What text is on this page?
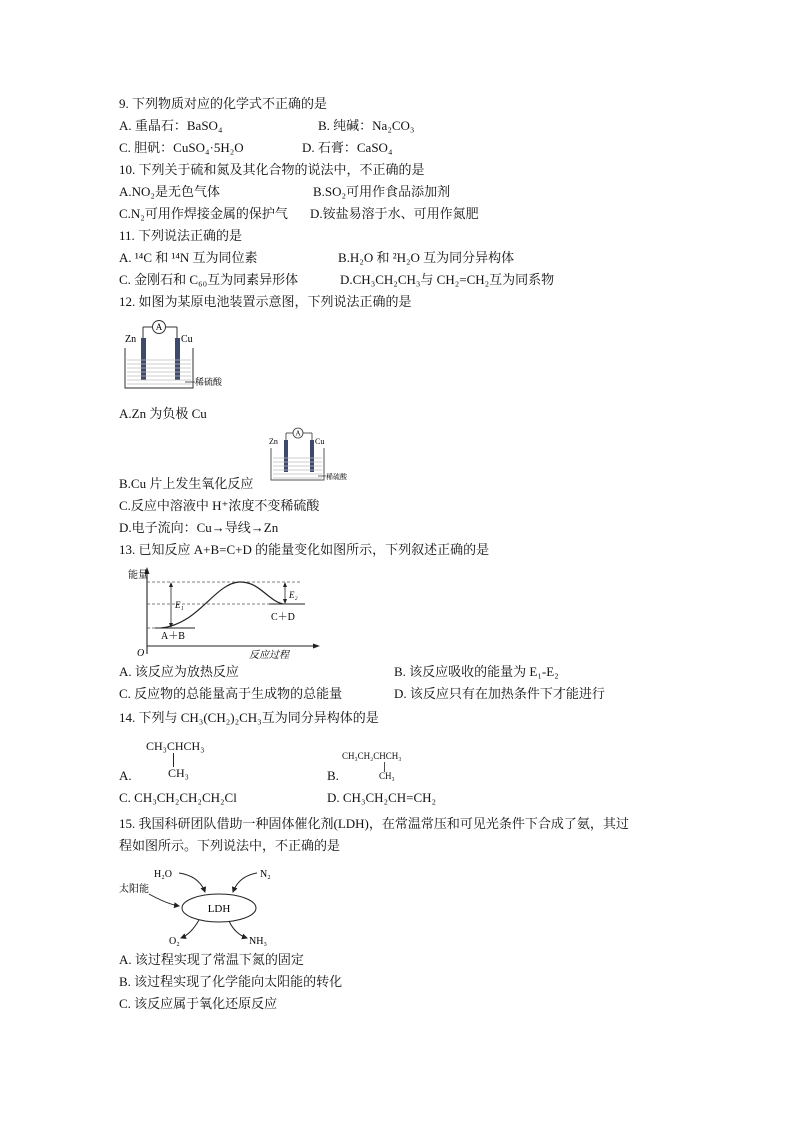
9. 下列物质对应的化学式不正确的是
A. 重晶石：BaSO₄	B. 纯碱：Na₂CO₃
C. 胆矾：CuSO₄·5H₂O	D. 石膏：CaSO₄
10. 下列关于硫和氮及其化合物的说法中，不正确的是
A.NO₂是无色气体	B.SO₂可用作食品添加剂
C.N₂可用作焊接金属的保护气 D.铵盐易溶于水、可用作氮肥
11. 下列说法正确的是
A. ¹⁴C 和 ¹⁴N 互为同位素	B.H₂O 和 ²H₂O 互为同分异构体
C. 金刚石和 C₆₀互为同素异形体	D.CH₃CH₂CH₃与 CH₂=CH₂互为同系物
12. 如图为某原电池装置示意图，下列说法正确的是
A
Zn	Cu
稀硫酸
A.Zn 为负极 Cu
A
Zn	Cu
稀硫酸
B.Cu 片上发生氧化反应
C.反应中溶液中 H⁺浓度不变稀硫酸
D.电子流向：Cu→导线→Zn
13. 已知反应 A+B=C+D 的能量变化如图所示，下列叙述正确的是
能量
O	反应过程
E₁
E₂
A＋B
C＋D
A. 该反应为放热反应	B. 该反应吸收的能量为 E₁-E₂
C. 反应物的总能量高于生成物的总能量	D. 该反应只有在加热条件下才能进行
14. 下列与 CH₃(CH₂)₂CH₃互为同分异构体的是
CH₃CHCH₃
CH₃
A.
CH₃CH₂CHCH₃
CH₃
B.
C. CH₃CH₂CH₂CH₂Cl	D. CH₃CH₂CH=CH₂
15. 我国科研团队借助一种固体催化剂(LDH)，在常温常压和可见光条件下合成了氨，其过
程如图所示。下列说法中，不正确的是
LDH
H₂O	N₂
太阳能
O₂	NH₃
A. 该过程实现了常温下氮的固定
B. 该过程实现了化学能向太阳能的转化
C. 该反应属于氧化还原反应
